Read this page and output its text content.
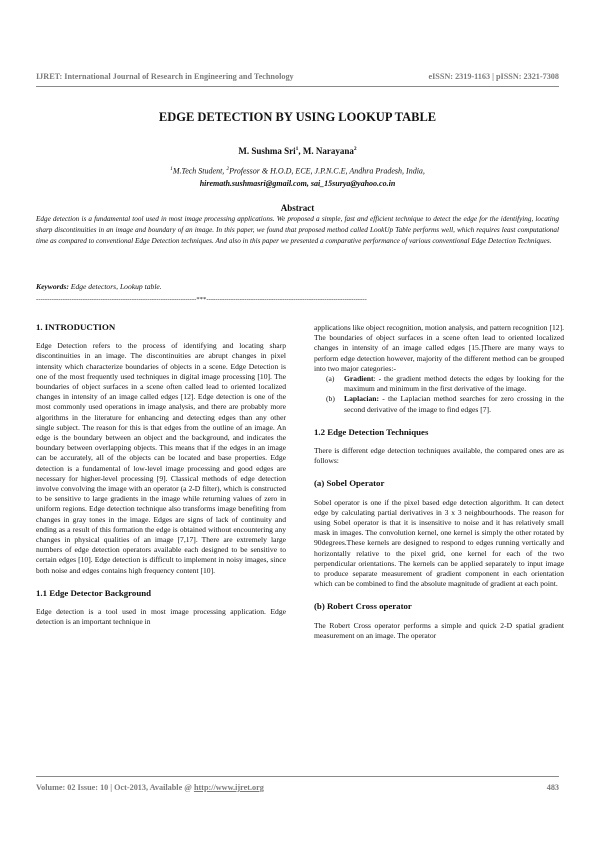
IJRET: International Journal of Research in Engineering and Technology	eISSN: 2319-1163 | pISSN: 2321-7308
EDGE DETECTION BY USING LOOKUP TABLE
M. Sushma Sri$^1$, M. Narayana$^2$
$^1$M.Tech Student, $^2$Professor & H.O.D, ECE, J.P.N.C.E, Andhra Pradesh, India,
hiremath.sushmasri@gmail.com, sai_15surya@yahoo.co.in
Abstract
Edge detection is a fundamental tool used in most image processing applications. We proposed a simple, fast and efficient technique to detect the edge for the identifying, locating sharp discontinuities in an image and boundary of an image. In this paper, we found that proposed method called LookUp Table performs well, which requires least computational time as compared to conventional Edge Detection techniques. And also in this paper we presented a comparative performance of various conventional Edge Detection Techniques.
Keywords: Edge detectors, Lookup table.
------------------------------------------------------------------------***------------------------------------------------------------------------

1. INTRODUCTION

Edge Detection refers to the process of identifying and locating sharp discontinuities in an image. The discontinuities are abrupt changes in pixel intensity which characterize boundaries of objects in a scene. Edge Detection is one of the most frequently used techniques in digital image processing [10]. The boundaries of object surfaces in a scene often called lead to oriented localized changes in intensity of an image called edges [12]. Edge detection is one of the most commonly used operations in image analysis, and there are probably more algorithms in the literature for enhancing and detecting edges than any other single subject. The reason for this is that edges from the outline of an image. An edge is the boundary between an object and the background, and indicates the boundary between overlapping objects. This means that if the edges in an image can be accurately, all of the objects can be located and base properties. Edge detection is a fundamental of low-level image processing and good edges are necessary for higher-level processing [9]. Classical methods of edge detection involve convolving the image with an operator (a 2-D filter), which is constructed to be sensitive to large gradients in the image while returning values of zero in uniform regions. Edge detection technique also transforms image benefiting from changes in gray tones in the image. Edges are signs of lack of continuity and ending as a result of this formation the edge is obtained without encountering any changes in physical qualities of an image [7,17]. There are extremely large numbers of edge detection operators available each designed to be sensitive to certain edges [10]. Edge detection is difficult to implement in noisy images, since both noise and edges contains high frequency content [10].

1.1 Edge Detector Background

Edge detection is a tool used in most image processing application. Edge detection is an important technique in

applications like object recognition, motion analysis, and pattern recognition [12]. The boundaries of object surfaces in a scene often lead to oriented localized changes in intensity of an image called edges [15.]There are many ways to perform edge detection however, majority of the different method can be grouped into two major categories:-

(a)	Gradient: - the gradient method detects the edges by looking for the maximum and minimum in the first derivative of the image.
(b)	Laplacian: - the Laplacian method searches for zero crossing in the second derivative of the image to find edges [7].

1.2 Edge Detection Techniques

There is different edge detection techniques available, the compared ones are as follows:

(a) Sobel Operator

Sobel operator is one if the pixel based edge detection algorithm. It can detect edge by calculating partial derivatives in 3 x 3 neighbourhoods. The reason for using Sobel operator is that it is insensitive to noise and it has relatively small mask in images. The convolution kernel, one kernel is simply the other rotated by 90degrees.These kernels are designed to respond to edges running vertically and horizontally relative to the pixel grid, one kernel for each of the two perpendicular orientations. The kernels can be applied separately to input image to produce separate measurement of gradient component in each orientation which can be combined to find the absolute magnitude of gradient at each point.

(b) Robert Cross operator

The Robert Cross operator performs a simple and quick 2-D spatial gradient measurement on an image. The operator

Volume: 02 Issue: 10 | Oct-2013, Available @ http://www.ijret.org	483
